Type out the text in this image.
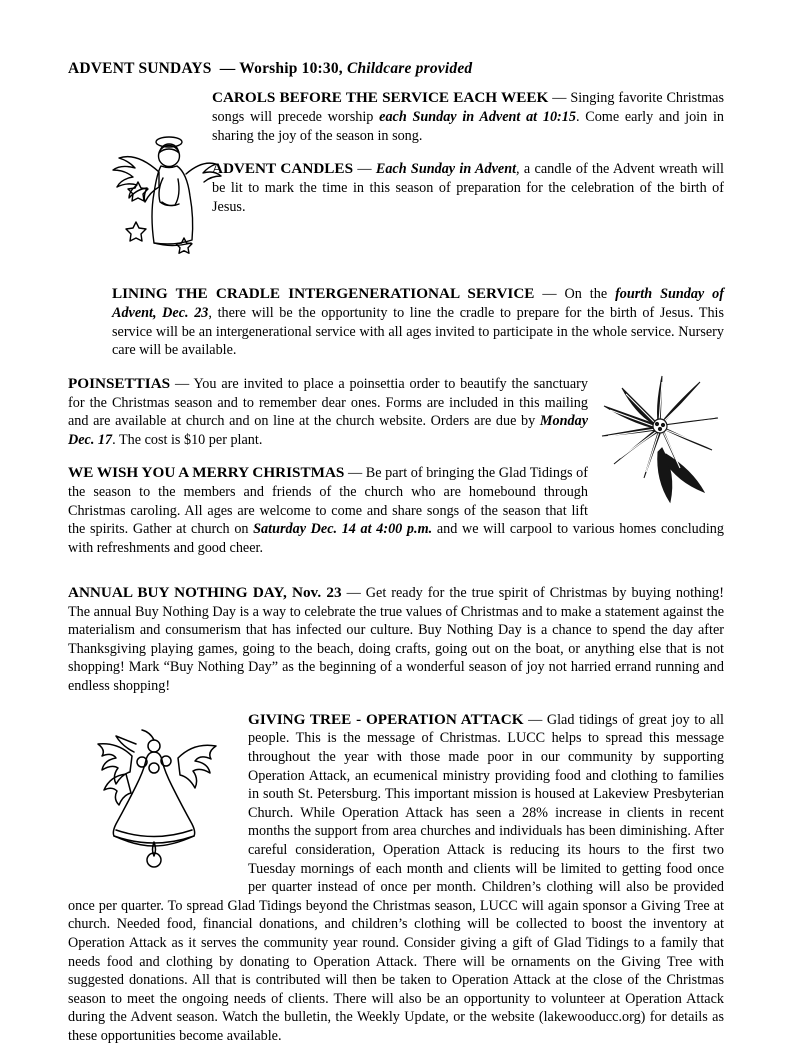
ADVENT SUNDAYS — Worship 10:30, Childcare provided
CAROLS BEFORE THE SERVICE EACH WEEK — Singing favorite Christmas songs will precede worship each Sunday in Advent at 10:15. Come early and join in sharing the joy of the season in song.
ADVENT CANDLES — Each Sunday in Advent, a candle of the Advent wreath will be lit to mark the time in this season of preparation for the celebration of the birth of Jesus.
LINING THE CRADLE INTERGENERATIONAL SERVICE — On the fourth Sunday of Advent, Dec. 23, there will be the opportunity to line the cradle to prepare for the birth of Jesus. This service will be an intergenerational service with all ages invited to participate in the whole service. Nursery care will be available.
POINSETTIAS — You are invited to place a poinsettia order to beautify the sanctuary for the Christmas season and to remember dear ones. Forms are included in this mailing and are available at church and on line at the church website. Orders are due by Monday Dec. 17. The cost is $10 per plant.
WE WISH YOU A MERRY CHRISTMAS — Be part of bringing the Glad Tidings of the season to the members and friends of the church who are homebound through Christmas caroling. All ages are welcome to come and share songs of the season that lift the spirits. Gather at church on Saturday Dec. 14 at 4:00 p.m. and we will carpool to various homes concluding with refreshments and good cheer.
ANNUAL BUY NOTHING DAY, Nov. 23 — Get ready for the true spirit of Christmas by buying nothing! The annual Buy Nothing Day is a way to celebrate the true values of Christmas and to make a statement against the materialism and consumerism that has infected our culture. Buy Nothing Day is a chance to spend the day after Thanksgiving playing games, going to the beach, doing crafts, going out on the boat, or anything else that is not shopping! Mark “Buy Nothing Day” as the beginning of a wonderful season of joy not harried errand running and endless shopping!
GIVING TREE - OPERATION ATTACK — Glad tidings of great joy to all people. This is the message of Christmas. LUCC helps to spread this message throughout the year with those made poor in our community by supporting Operation Attack, an ecumenical ministry providing food and clothing to families in south St. Petersburg. This important mission is housed at Lakeview Presbyterian Church. While Operation Attack has seen a 28% increase in clients in recent months the support from area churches and individuals has been diminishing. After careful consideration, Operation Attack is reducing its hours to the first two Tuesday mornings of each month and clients will be limited to getting food once per quarter instead of once per month. Children’s clothing will also be provided once per quarter. To spread Glad Tidings beyond the Christmas season, LUCC will again sponsor a Giving Tree at church. Needed food, financial donations, and children’s clothing will be collected to boost the inventory at Operation Attack as it serves the community year round. Consider giving a gift of Glad Tidings to a family that needs food and clothing by donating to Operation Attack. There will be ornaments on the Giving Tree with suggested donations. All that is contributed will then be taken to Operation Attack at the close of the Christmas season to meet the ongoing needs of clients. There will also be an opportunity to volunteer at Operation Attack during the Advent season. Watch the bulletin, the Weekly Update, or the website (lakewooducc.org) for details as these opportunities become available.
